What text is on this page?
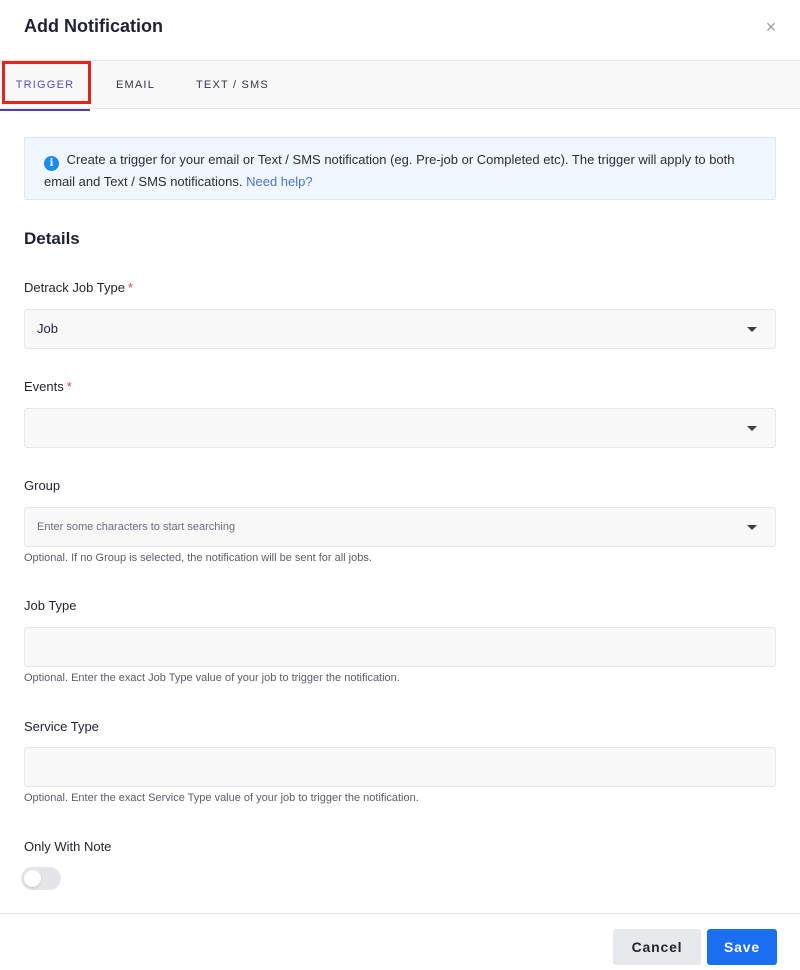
Add Notification	×
TRIGGER	EMAIL	TEXT / SMS
i Create a trigger for your email or Text / SMS notification (eg. Pre-job or Completed etc). The trigger will apply to both email and Text / SMS notifications. Need help?
Details
Detrack Job Type *
Job
Events *
Group
Enter some characters to start searching
Optional. If no Group is selected, the notification will be sent for all jobs.
Job Type
Optional. Enter the exact Job Type value of your job to trigger the notification.
Service Type
Optional. Enter the exact Service Type value of your job to trigger the notification.
Only With Note
Cancel	Save
